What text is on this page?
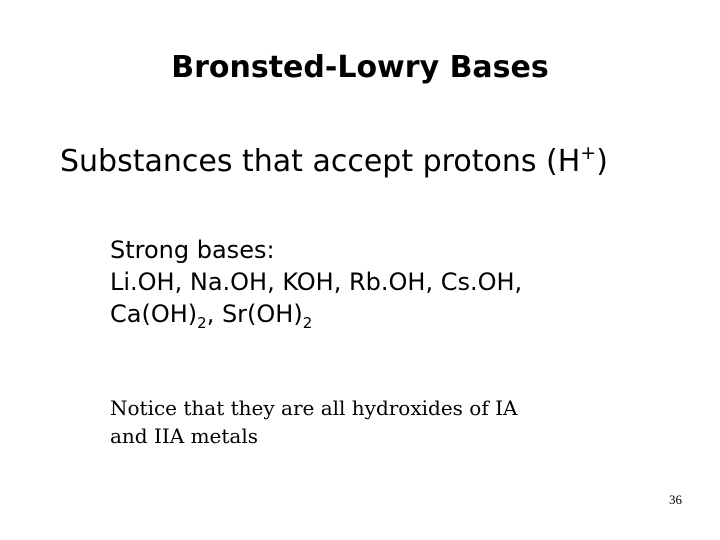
Bronsted-Lowry Bases
Substances that accept protons (H+)
Strong bases:
Li.OH, Na.OH, KOH, Rb.OH, Cs.OH,
$Ca(OH)_2$, $Sr(OH)_2$
Notice that they are all hydroxides of IA
and IIA metals
36
